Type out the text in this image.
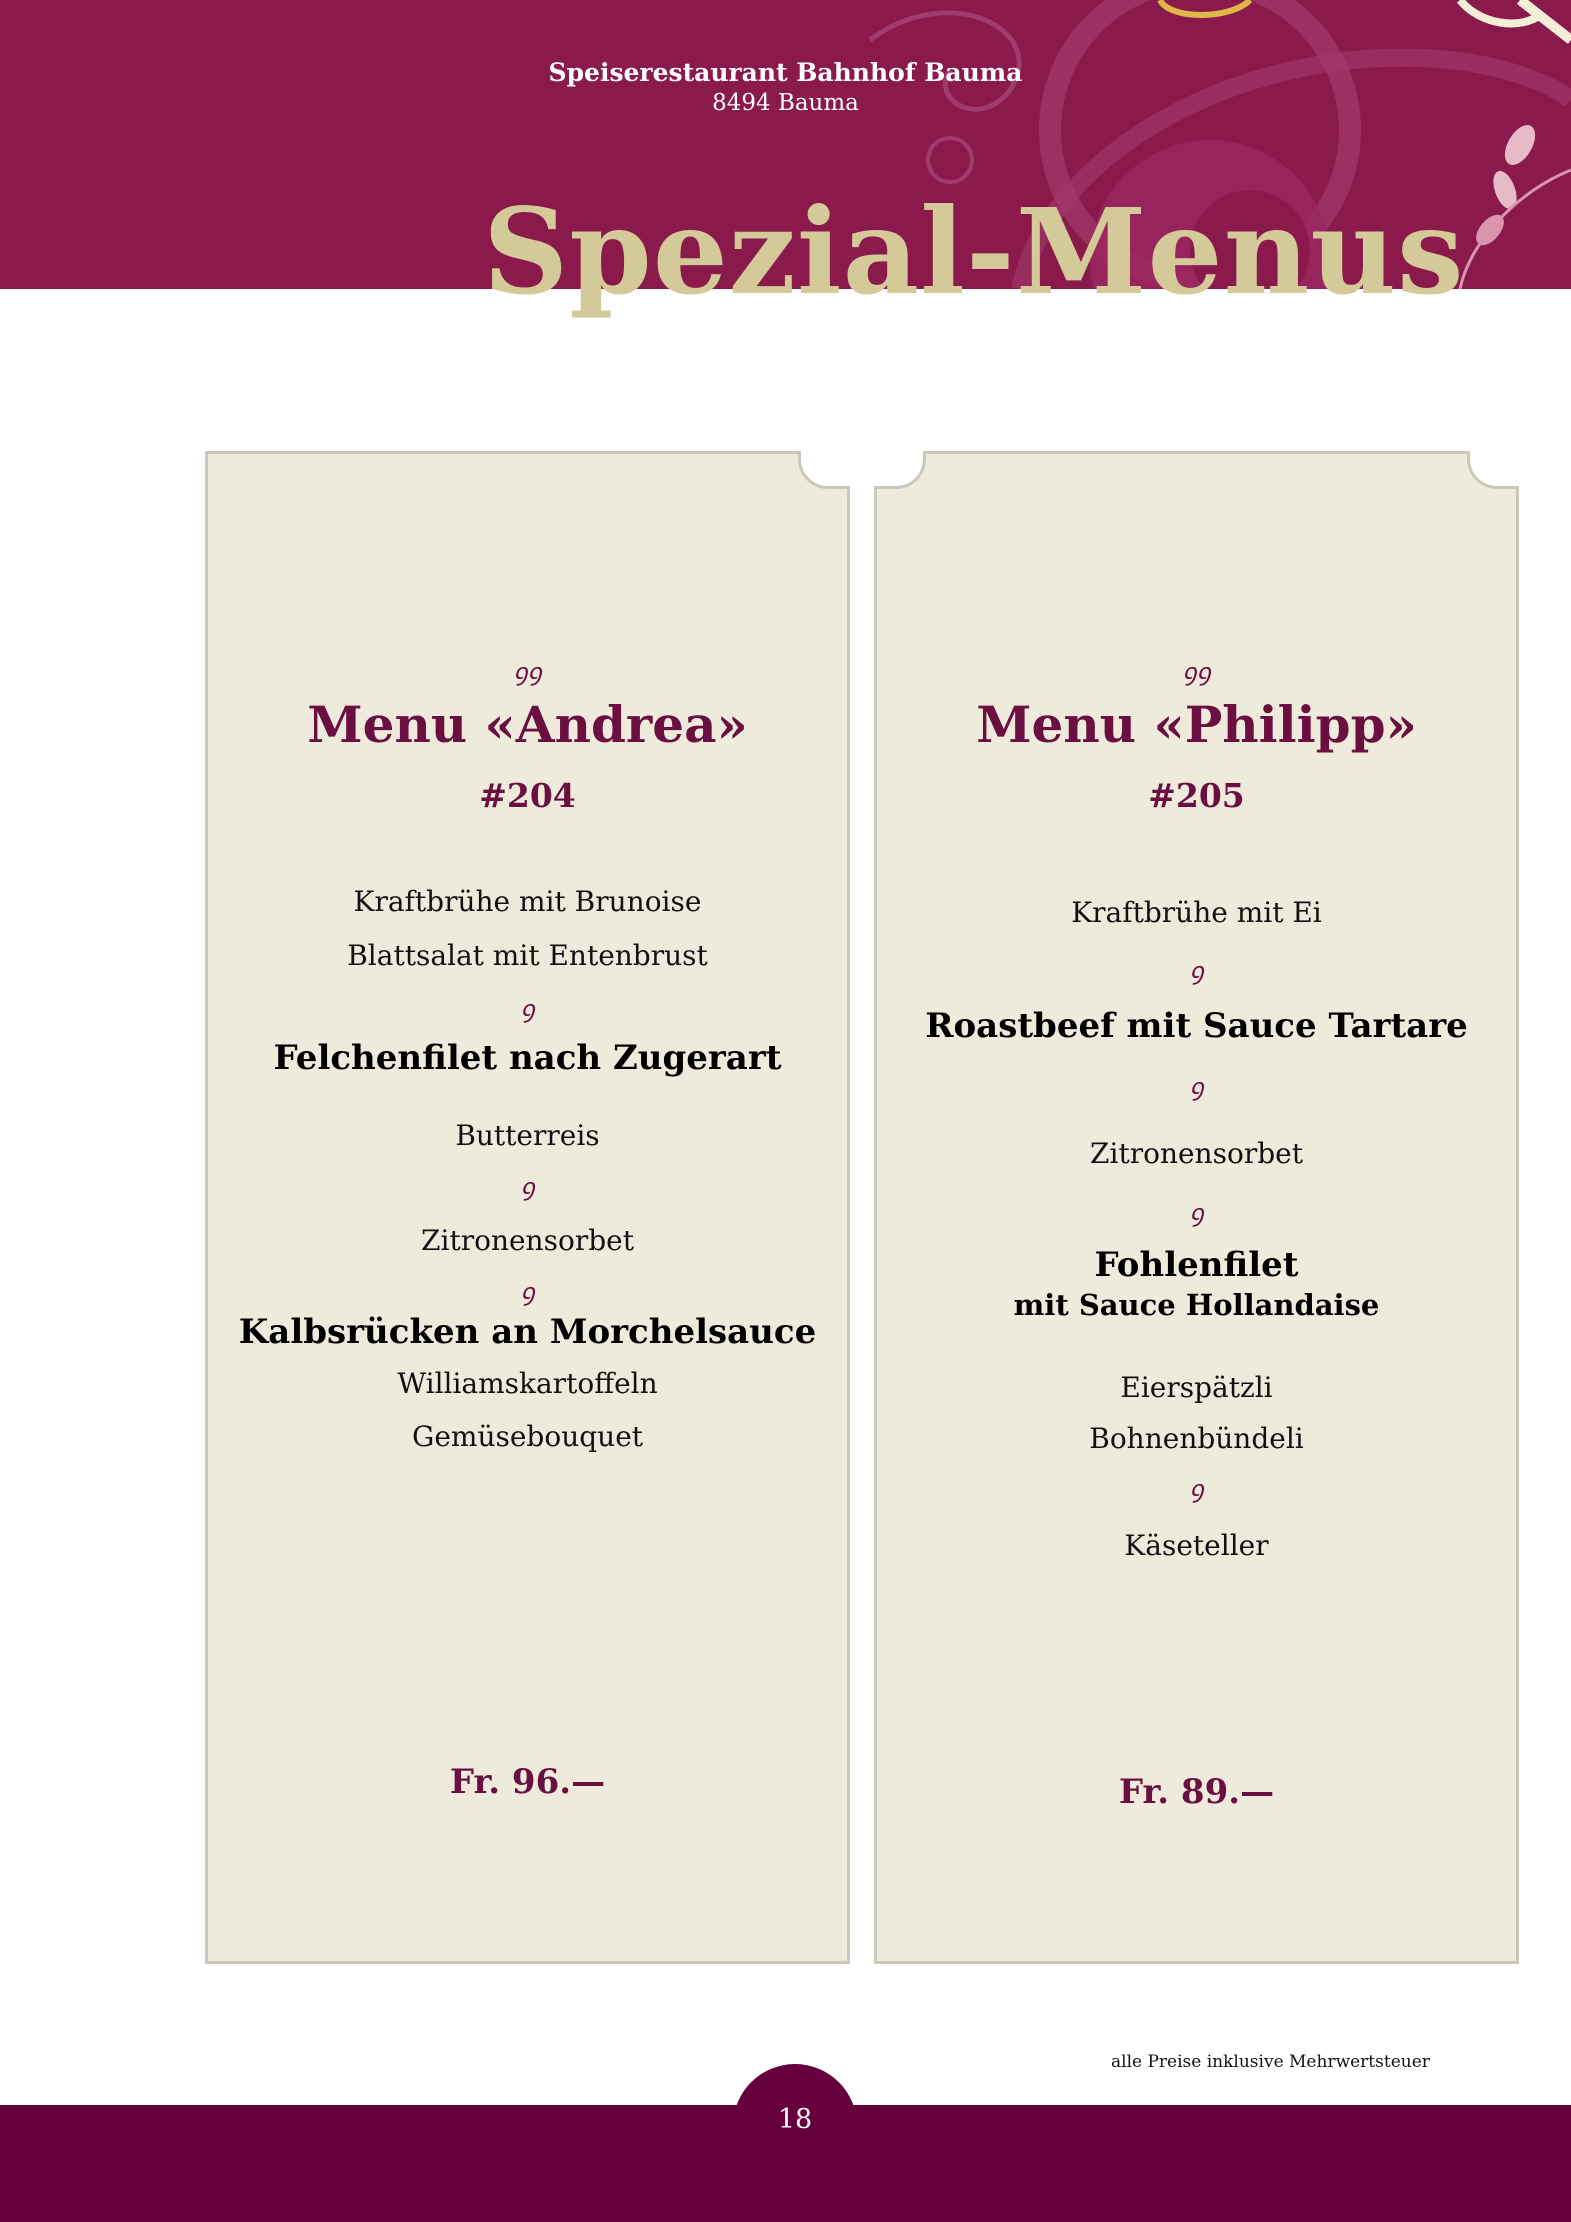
Speiserestaurant Bahnhof Bauma
8494 Bauma
Spezial-Menus
ꝯꝯ
Menu «Andrea»
#204
Kraftbrühe mit Brunoise
Blattsalat mit Entenbrust
ꝯ
Felchenfilet nach Zugerart
Butterreis
ꝯ
Zitronensorbet
ꝯ
Kalbsrücken an Morchelsauce
Williamskartoffeln
Gemüsebouquet
Fr. 96.—
ꝯꝯ
Menu «Philipp»
#205
Kraftbrühe mit Ei
ꝯ
Roastbeef mit Sauce Tartare
ꝯ
Zitronensorbet
ꝯ
Fohlenfilet
mit Sauce Hollandaise
Eierspätzli
Bohnenbündeli
ꝯ
Käseteller
Fr. 89.—
alle Preise inklusive Mehrwertsteuer
18
